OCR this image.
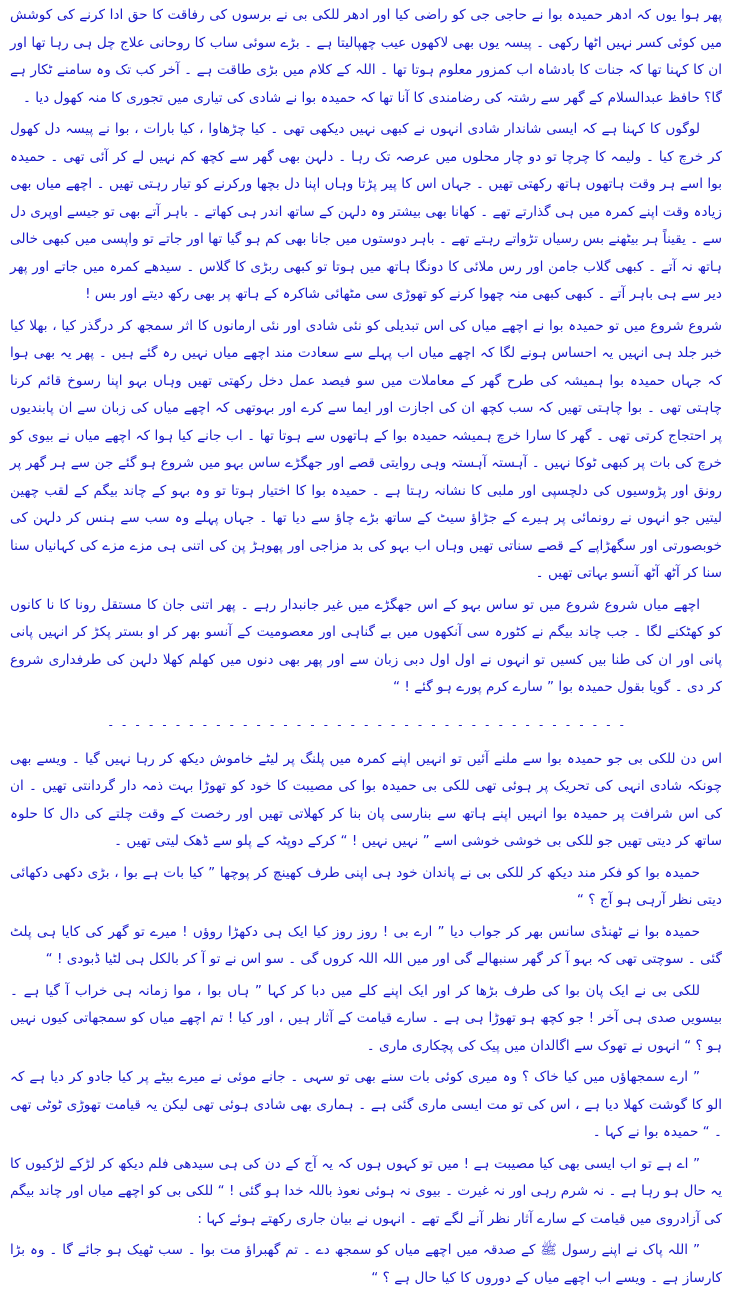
پھر ہوا یوں کہ ادھر حمیدہ بوا نے حاجی جی کو راضی کیا اور ادھر للکی بی نے برسوں کی رفاقت کا حق ادا کرنے کی کوشش میں کوئی کسر نہیں اٹھا رکھی ۔ پیسہ یوں بھی لاکھوں عیب چھپالیتا ہے ۔ بڑے سوئی ساب کا روحانی علاج چل ہی رہا تھا اور ان کا کہنا تھا کہ جنات کا بادشاہ اب کمزور معلوم ہوتا تھا ۔ اللہ کے کلام میں بڑی طاقت ہے ۔ آخر کب تک وہ سامنے ٹکار ہے گا؟ حافظ عبدالسلام کے گھر سے رشتہ کی رضامندی کا آنا تھا کہ حمیدہ بوا نے شادی کی تیاری میں تجوری کا منہ کھول دیا ۔

لوگوں کا کہنا ہے کہ ایسی شاندار شادی انہوں نے کبھی نہیں دیکھی تھی ۔ کیا چڑھاوا ، کیا بارات ، بوا نے پیسہ دل کھول کر خرچ کیا ۔ ولیمہ کا چرچا تو دو چار محلوں میں عرصہ تک رہا ۔ دلہن بھی گھر سے کچھ کم نہیں لے کر آئی تھی ۔ حمیدہ بوا اسے ہر وقت ہاتھوں ہاتھ رکھتی تھیں ۔ جہاں اس کا پیر پڑتا وہاں اپنا دل بچھا ورکرنے کو تیار رہتی تھیں ۔ اچھے میاں بھی زیادہ وقت اپنے کمرہ میں ہی گذارتے تھے ۔ کھانا بھی بیشتر وہ دلہن کے ساتھ اندر ہی کھاتے ۔ باہر آتے بھی تو جیسے اوپری دل سے ۔ یقیناً ہر بیٹھنے بس رسیاں تڑواتے رہتے تھے ۔ باہر دوستوں میں جانا بھی کم ہو گیا تھا اور جاتے تو واپسی میں کبھی خالی ہاتھ نہ آتے ۔ کبھی گلاب جامن اور رس ملائی کا دونگا ہاتھ میں ہوتا تو کبھی ربڑی کا گلاس ۔ سیدھے کمرہ میں جاتے اور پھر دیر سے ہی باہر آتے ۔ کبھی کبھی منہ چھوا کرنے کو تھوڑی سی مٹھائی شاکرہ کے ہاتھ پر بھی رکھ دیتے اور بس !

شروع شروع میں تو حمیدہ بوا نے اچھے میاں کی اس تبدیلی کو نئی شادی اور نئی ارمانوں کا اثر سمجھ کر درگذر کیا ، بھلا کیا خبر جلد ہی انہیں یہ احساس ہونے لگا کہ اچھے میاں اب پہلے سے سعادت مند اچھے میاں نہیں رہ گئے ہیں ۔ پھر یہ بھی ہوا کہ جہاں حمیدہ بوا ہمیشہ کی طرح گھر کے معاملات میں سو فیصد عمل دخل رکھتی تھیں وہاں بہو اپنا رسوخ قائم کرنا چاہتی تھی ۔ بوا چاہتی تھیں کہ سب کچھ ان کی اجازت اور ایما سے کرے اور بہوتھی کہ اچھے میاں کی زبان سے ان پابندیوں پر احتجاج کرتی تھی ۔ گھر کا سارا خرچ ہمیشہ حمیدہ بوا کے ہاتھوں سے ہوتا تھا ۔ اب جانے کیا ہوا کہ اچھے میاں نے بیوی کو خرچ کی بات پر کبھی ٹوکا نہیں ۔ آہستہ آہستہ وہی روایتی قصے اور جھگڑے ساس بہو میں شروع ہو گئے جن سے ہر گھر پر رونق اور پڑوسیوں کی دلچسپی اور ملبی کا نشانہ رہتا ہے ۔ حمیدہ بوا کا اختیار ہوتا تو وہ بہو کے چاند بیگم کے لقب چھین لیتیں جو انہوں نے رونمائی پر ہیرے کے جڑاؤ سیٹ کے ساتھ بڑے چاؤ سے دیا تھا ۔ جہاں پہلے وہ سب سے ہنس کر دلہن کی خوبصورتی اور سگھڑاپے کے قصے سناتی تھیں وہاں اب بہو کی بد مزاجی اور پھوہڑ پن کی اتنی ہی مزے مزے کی کہانیاں سنا سنا کر آٹھ آٹھ آنسو بہاتی تھیں ۔

اچھے میاں شروع شروع میں تو ساس بہو کے اس جھگڑے میں غیر جانبدار رہے ۔ پھر اتنی جان کا مستقل رونا کا نا کانوں کو کھٹکنے لگا ۔ جب چاند بیگم نے کٹورہ سی آنکھوں میں بے گناہی اور معصومیت کے آنسو بھر کر او بستر پکڑ کر انہیں پانی پانی اور ان کی طنا بیں کسیں تو انہوں نے اول اول دبی زبان سے اور پھر بھی دنوں میں کھلم کھلا دلہن کی طرفداری شروع کر دی ۔ گویا بقول حمیدہ بوا ” سارے کرم پورے ہو گئے ! “

- - - - - - - - - - - - - - - - - - - - - - - - - - - - - - - - - - - - - - -

اس دن للکی بی جو حمیدہ بوا سے ملنے آئیں تو انہیں اپنے کمرہ میں پلنگ پر لیٹے خاموش دیکھ کر رہا نہیں گیا ۔ ویسے بھی چونکہ شادی انہی کی تحریک پر ہوئی تھی للکی بی حمیدہ بوا کی مصیبت کا خود کو تھوڑا بہت ذمہ دار گردانتی تھیں ۔ ان کی اس شرافت پر حمیدہ بوا انہیں اپنے ہاتھ سے بنارسی پان بنا کر کھلاتی تھیں اور رخصت کے وقت چلتے کی دال کا حلوہ ساتھ کر دیتی تھیں جو للکی بی خوشی خوشی اسے ” نہیں نہیں ! “ کرکے دوپٹہ کے پلو سے ڈھک لیتی تھیں ۔

حمیدہ بوا کو فکر مند دیکھ کر للکی بی نے پاندان خود ہی اپنی طرف کھینچ کر پوچھا ” کیا بات ہے بوا ، بڑی دکھی دکھائی دیتی نظر آرہی ہو آج ؟ “

حمیدہ بوا نے ٹھنڈی سانس بھر کر جواب دیا ” ارے بی ! روز روز کیا ایک ہی دکھڑا روؤں ! میرے تو گھر کی کایا ہی پلٹ گئی ۔ سوچتی تھی کہ بہو آ کر گھر سنبھالے گی اور میں اللہ اللہ کروں گی ۔ سو اس نے تو آ کر بالکل ہی لٹیا ڈبودی ! “

للکی بی نے ایک پان بوا کی طرف بڑھا کر اور ایک اپنے کلے میں دبا کر کہا ” ہاں بوا ، موا زمانہ ہی خراب آ گیا ہے ۔ بیسویں صدی ہی آخر ! جو کچھ ہو تھوڑا ہی ہے ۔ سارے قیامت کے آثار ہیں ، اور کیا ! تم اچھے میاں کو سمجھاتی کیوں نہیں ہو ؟ “ انہوں نے تھوک سے اگالدان میں پیک کی پچکاری ماری ۔

” ارے سمجھاؤں میں کیا خاک ؟ وہ میری کوئی بات سنے بھی تو سہی ۔ جانے موئی نے میرے بیٹے پر کیا جادو کر دیا ہے کہ الو کا گوشت کھلا دیا ہے ، اس کی تو مت ایسی ماری گئی ہے ۔ ہماری بھی شادی ہوئی تھی لیکن یہ قیامت تھوڑی ٹوٹی تھی ۔ “ حمیدہ بوا نے کہا ۔

” اے ہے تو اب ایسی بھی کیا مصیبت ہے ! میں تو کہوں ہوں کہ یہ آج کے دن کی ہی سیدھی فلم دیکھ کر لڑکے لڑکیوں کا یہ حال ہو رہا ہے ۔ نہ شرم رہی اور نہ غیرت ۔ بیوی نہ ہوئی نعوذ باللہ خدا ہو گئی ! “ للکی بی کو اچھے میاں اور چاند بیگم کی آزادروی میں قیامت کے سارے آثار نظر آنے لگے تھے ۔ انہوں نے بیان جاری رکھتے ہوئے کہا :

” اللہ پاک نے اپنے رسول ﷺ کے صدقہ میں اچھے میاں کو سمجھ دے ۔ تم گھبراؤ مت بوا ۔ سب ٹھیک ہو جائے گا ۔ وہ بڑا کارساز ہے ۔ ویسے اب اچھے میاں کے دوروں کا کیا حال ہے ؟ “
